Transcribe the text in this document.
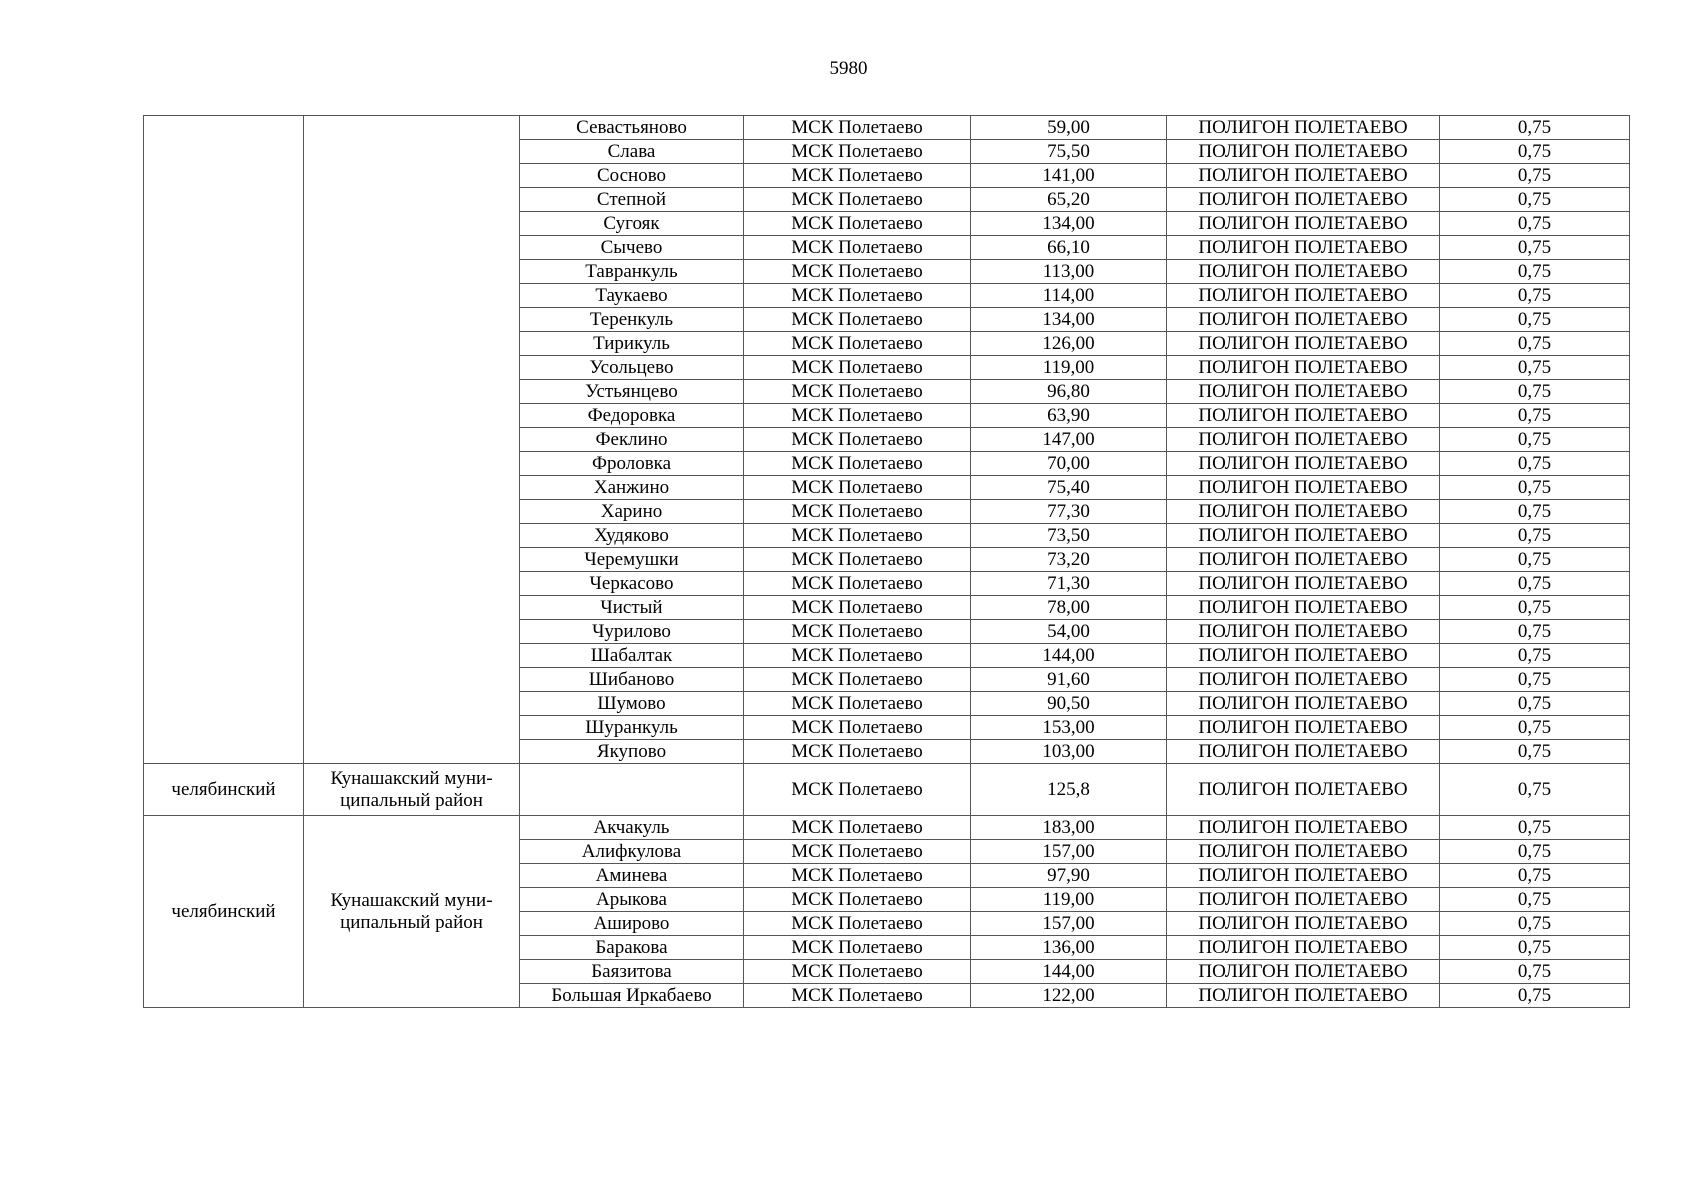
5980
		Севастьяново	МСК Полетаево	59,00	ПОЛИГОН ПОЛЕТАЕВО	0,75
		Слава	МСК Полетаево	75,50	ПОЛИГОН ПОЛЕТАЕВО	0,75
		Сосново	МСК Полетаево	141,00	ПОЛИГОН ПОЛЕТАЕВО	0,75
		Степной	МСК Полетаево	65,20	ПОЛИГОН ПОЛЕТАЕВО	0,75
		Сугояк	МСК Полетаево	134,00	ПОЛИГОН ПОЛЕТАЕВО	0,75
		Сычево	МСК Полетаево	66,10	ПОЛИГОН ПОЛЕТАЕВО	0,75
		Тавранкуль	МСК Полетаево	113,00	ПОЛИГОН ПОЛЕТАЕВО	0,75
		Таукаево	МСК Полетаево	114,00	ПОЛИГОН ПОЛЕТАЕВО	0,75
		Теренкуль	МСК Полетаево	134,00	ПОЛИГОН ПОЛЕТАЕВО	0,75
		Тирикуль	МСК Полетаево	126,00	ПОЛИГОН ПОЛЕТАЕВО	0,75
		Усольцево	МСК Полетаево	119,00	ПОЛИГОН ПОЛЕТАЕВО	0,75
		Устьянцево	МСК Полетаево	96,80	ПОЛИГОН ПОЛЕТАЕВО	0,75
		Федоровка	МСК Полетаево	63,90	ПОЛИГОН ПОЛЕТАЕВО	0,75
		Феклино	МСК Полетаево	147,00	ПОЛИГОН ПОЛЕТАЕВО	0,75
		Фроловка	МСК Полетаево	70,00	ПОЛИГОН ПОЛЕТАЕВО	0,75
		Ханжино	МСК Полетаево	75,40	ПОЛИГОН ПОЛЕТАЕВО	0,75
		Харино	МСК Полетаево	77,30	ПОЛИГОН ПОЛЕТАЕВО	0,75
		Худяково	МСК Полетаево	73,50	ПОЛИГОН ПОЛЕТАЕВО	0,75
		Черемушки	МСК Полетаево	73,20	ПОЛИГОН ПОЛЕТАЕВО	0,75
		Черкасово	МСК Полетаево	71,30	ПОЛИГОН ПОЛЕТАЕВО	0,75
		Чистый	МСК Полетаево	78,00	ПОЛИГОН ПОЛЕТАЕВО	0,75
		Чурилово	МСК Полетаево	54,00	ПОЛИГОН ПОЛЕТАЕВО	0,75
		Шабалтак	МСК Полетаево	144,00	ПОЛИГОН ПОЛЕТАЕВО	0,75
		Шибаново	МСК Полетаево	91,60	ПОЛИГОН ПОЛЕТАЕВО	0,75
		Шумово	МСК Полетаево	90,50	ПОЛИГОН ПОЛЕТАЕВО	0,75
		Шуранкуль	МСК Полетаево	153,00	ПОЛИГОН ПОЛЕТАЕВО	0,75
		Якупово	МСК Полетаево	103,00	ПОЛИГОН ПОЛЕТАЕВО	0,75
челябинский	Кунашакский муни-ципальный район		МСК Полетаево	125,8	ПОЛИГОН ПОЛЕТАЕВО	0,75
челябинский	Кунашакский муни-ципальный район	Акчакуль	МСК Полетаево	183,00	ПОЛИГОН ПОЛЕТАЕВО	0,75
		Алифкулова	МСК Полетаево	157,00	ПОЛИГОН ПОЛЕТАЕВО	0,75
		Аминева	МСК Полетаево	97,90	ПОЛИГОН ПОЛЕТАЕВО	0,75
		Арыкова	МСК Полетаево	119,00	ПОЛИГОН ПОЛЕТАЕВО	0,75
		Аширово	МСК Полетаево	157,00	ПОЛИГОН ПОЛЕТАЕВО	0,75
		Баракова	МСК Полетаево	136,00	ПОЛИГОН ПОЛЕТАЕВО	0,75
		Баязитова	МСК Полетаево	144,00	ПОЛИГОН ПОЛЕТАЕВО	0,75
		Большая Иркабаево	МСК Полетаево	122,00	ПОЛИГОН ПОЛЕТАЕВО	0,75
